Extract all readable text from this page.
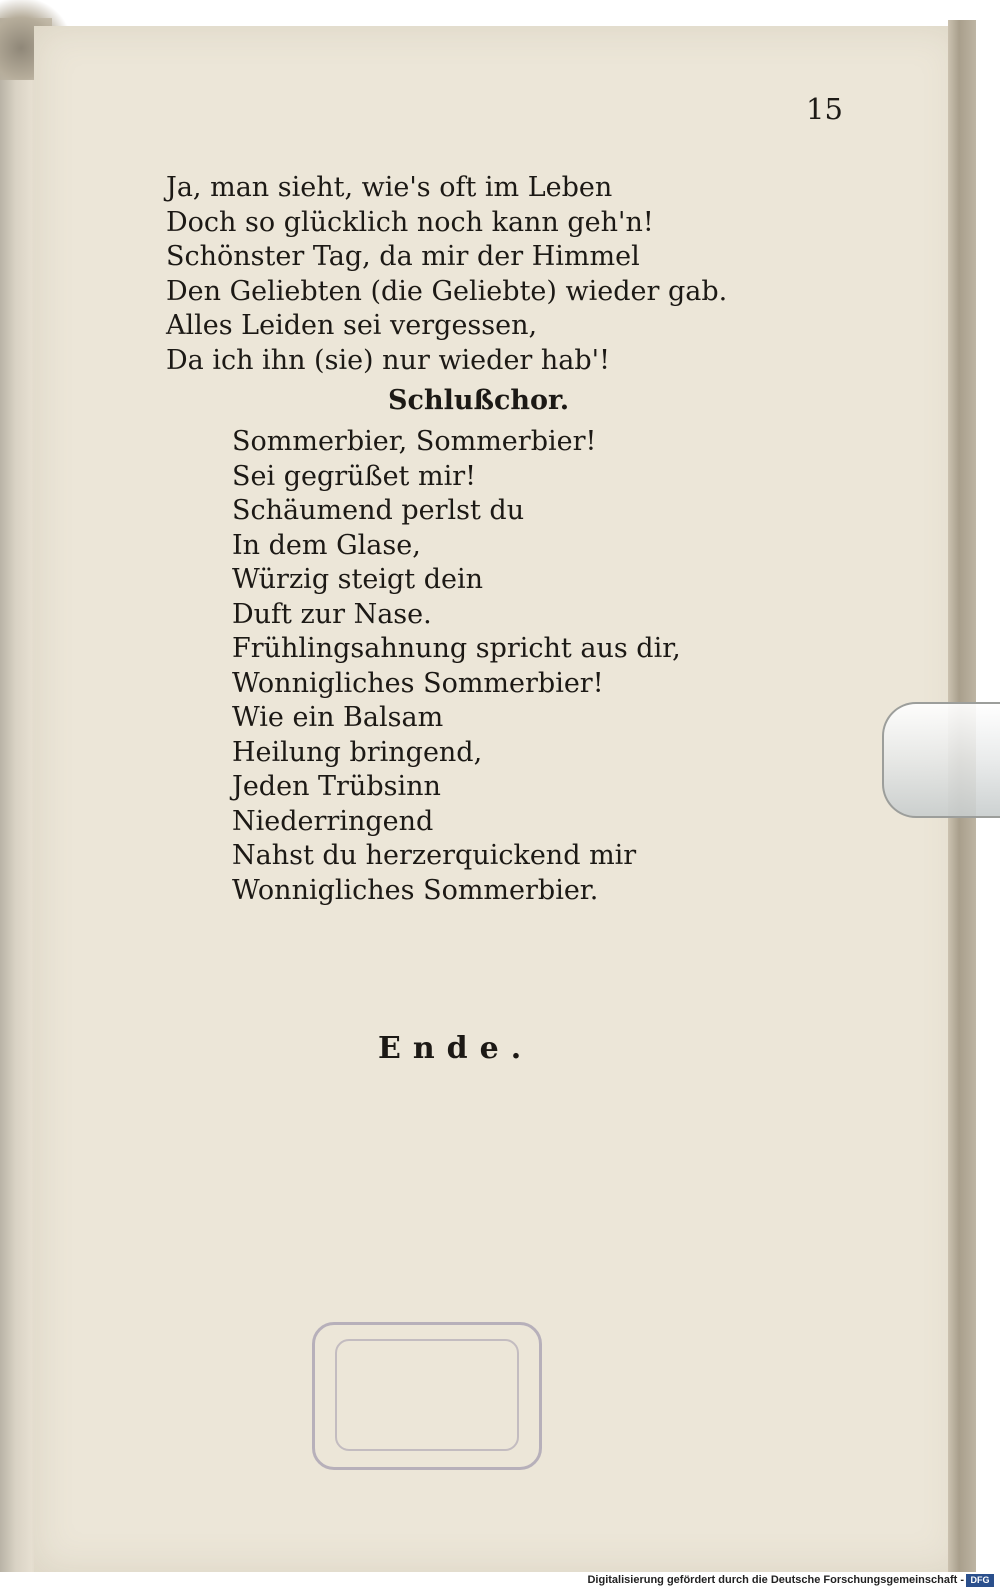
15

Ja, man sieht, wie's oft im Leben
Doch so glücklich noch kann geh'n!
Schönster Tag, da mir der Himmel
Den Geliebten (die Geliebte) wieder gab.
Alles Leiden sei vergessen,
Da ich ihn (sie) nur wieder hab'!

Schlußchor.

Sommerbier, Sommerbier!
Sei gegrüßet mir!
Schäumend perlst du
In dem Glase,
Würzig steigt dein
Duft zur Nase.
Frühlingsahnung spricht aus dir,
Wonnigliches Sommerbier!
Wie ein Balsam
Heilung bringend,
Jeden Trübsinn
Niederringend
Nahst du herzerquickend mir
Wonnigliches Sommerbier.

Ende.

Digitalisierung gefördert durch die Deutsche Forschungsgemeinschaft - DFG
